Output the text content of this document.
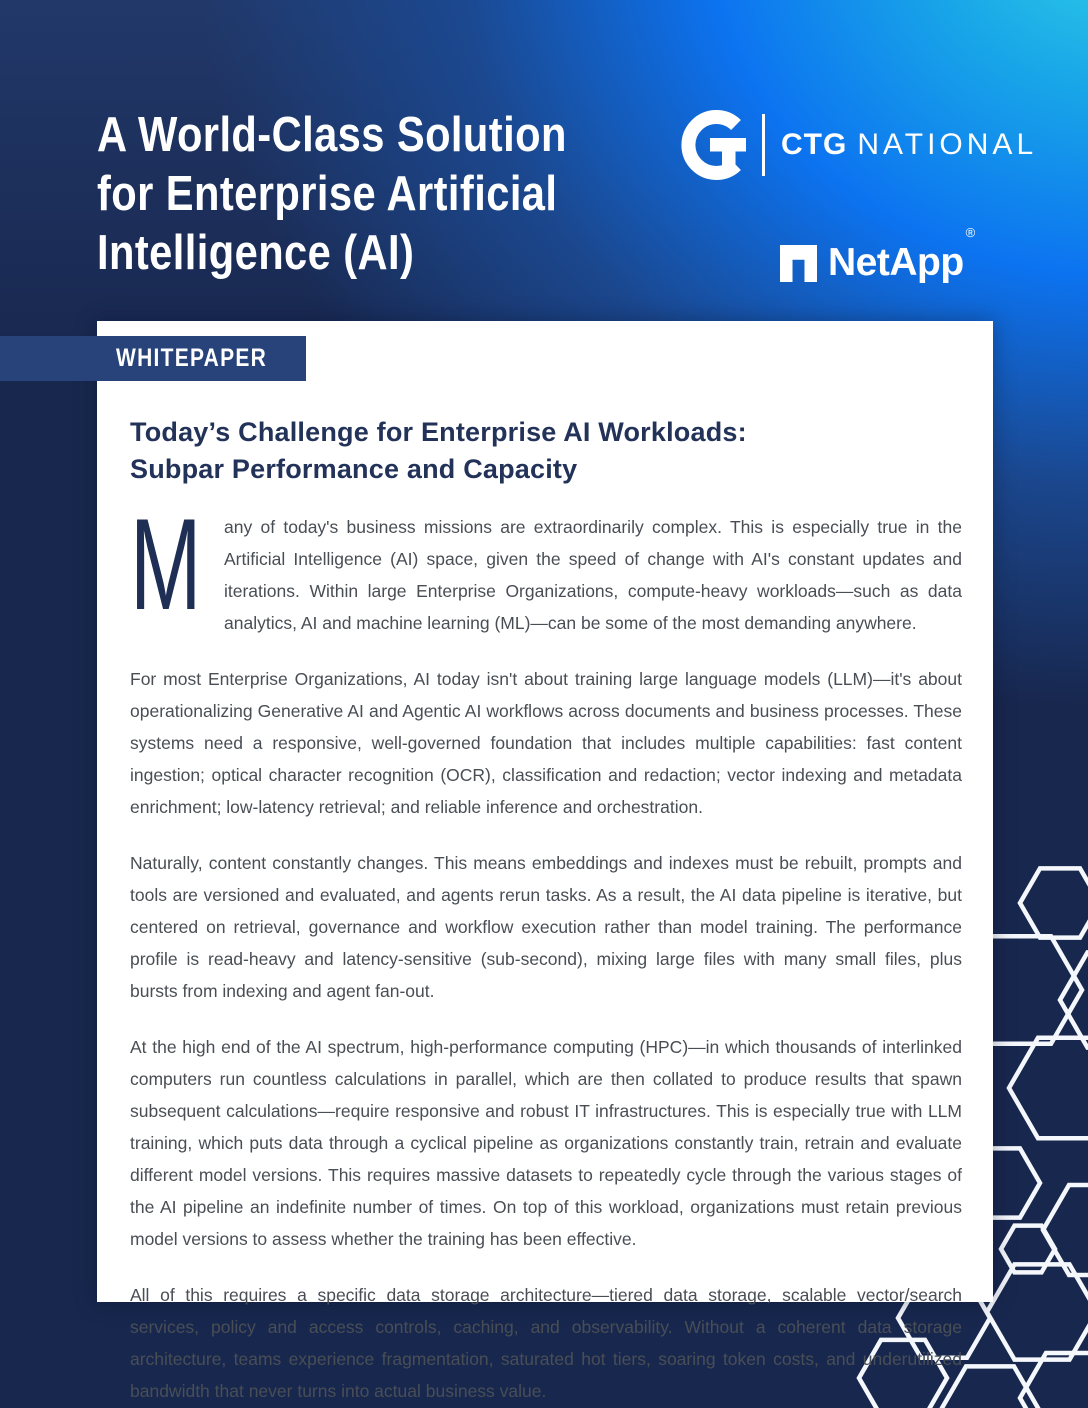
A World-Class Solution
for Enterprise Artificial
Intelligence (AI)
CTG NATIONAL
NetApp®
Today’s Challenge for Enterprise AI Workloads:
Subpar Performance and Capacity

M any of today's business missions are extraordinarily complex. This is especially true in the Artificial Intelligence (AI) space, given the speed of change with AI's constant updates and iterations. Within large Enterprise Organizations, compute-heavy workloads—such as data analytics, AI and machine learning (ML)—can be some of the most demanding anywhere.

For most Enterprise Organizations, AI today isn't about training large language models (LLM)—it's about operationalizing Generative AI and Agentic AI workflows across documents and business processes. These systems need a responsive, well-governed foundation that includes multiple capabilities: fast content ingestion; optical character recognition (OCR), classification and redaction; vector indexing and metadata enrichment; low-latency retrieval; and reliable inference and orchestration.

Naturally, content constantly changes. This means embeddings and indexes must be rebuilt, prompts and tools are versioned and evaluated, and agents rerun tasks. As a result, the AI data pipeline is iterative, but centered on retrieval, governance and workflow execution rather than model training. The performance profile is read-heavy and latency-sensitive (sub-second), mixing large files with many small files, plus bursts from indexing and agent fan-out.

At the high end of the AI spectrum, high-performance computing (HPC)—in which thousands of interlinked computers run countless calculations in parallel, which are then collated to produce results that spawn subsequent calculations—require responsive and robust IT infrastructures. This is especially true with LLM training, which puts data through a cyclical pipeline as organizations constantly train, retrain and evaluate different model versions. This requires massive datasets to repeatedly cycle through the various stages of the AI pipeline an indefinite number of times. On top of this workload, organizations must retain previous model versions to assess whether the training has been effective.

All of this requires a specific data storage architecture—tiered data storage, scalable vector/search services, policy and access controls, caching, and observability. Without a coherent data storage architecture, teams experience fragmentation, saturated hot tiers, soaring token costs, and underutilized bandwidth that never turns into actual business value.

WHITEPAPER
